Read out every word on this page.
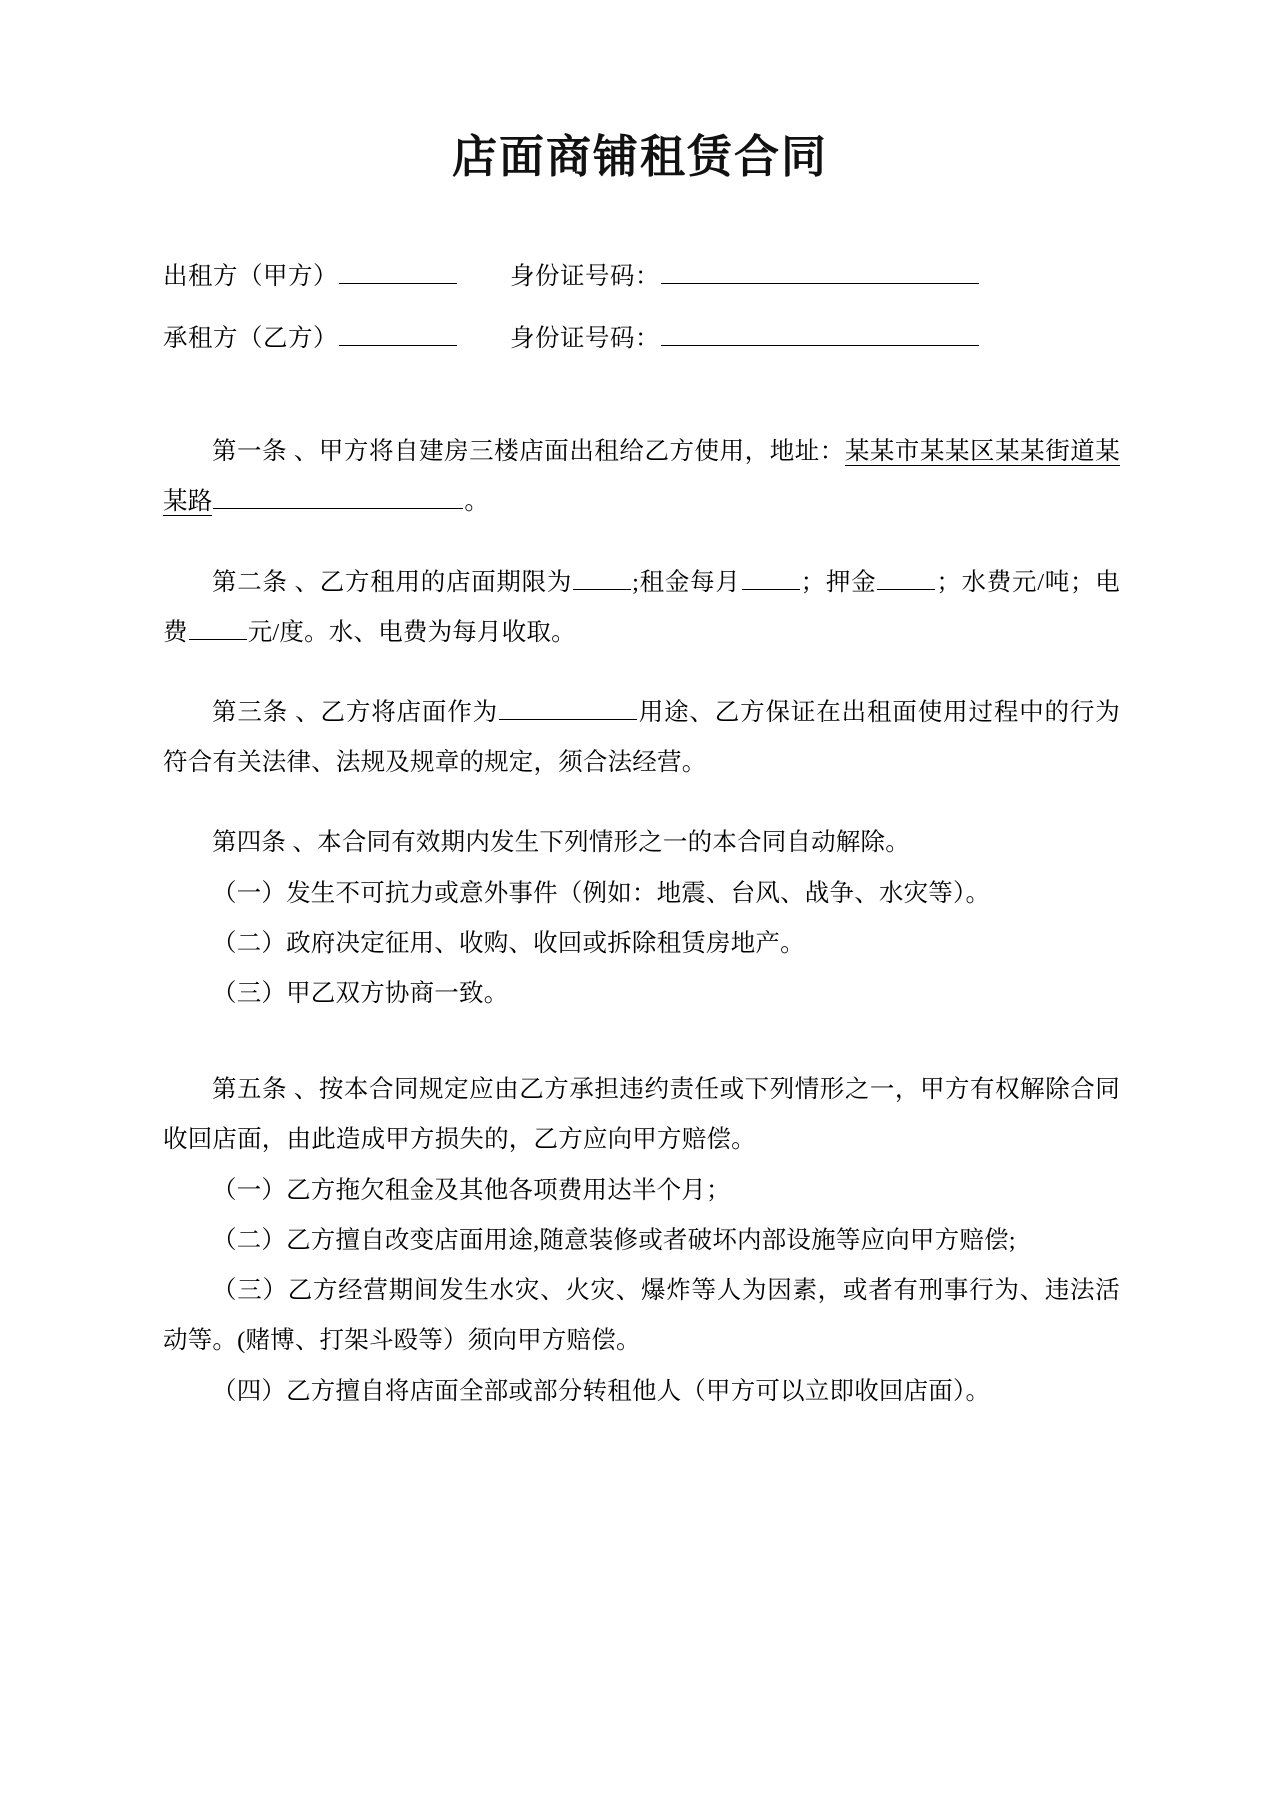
店面商铺租赁合同
出租方（甲方）	身份证号码：
承租方（乙方）	身份证号码：

第一条 、甲方将自建房三楼店面出租给乙方使用，地址：某某市某某区某某街道某某路	。

第二条 、乙方租用的店面期限为 ;租金每月 ；押金 ；水费元/吨；电费 元/度。水、电费为每月收取。

第三条 、乙方将店面作为	用途、乙方保证在出租面使用过程中的行为符合有关法律、法规及规章的规定，须合法经营。

第四条 、本合同有效期内发生下列情形之一的本合同自动解除。

（一）发生不可抗力或意外事件（例如：地震、台风、战争、水灾等）。

（二）政府决定征用、收购、收回或拆除租赁房地产。

（三）甲乙双方协商一致。

第五条 、按本合同规定应由乙方承担违约责任或下列情形之一，甲方有权解除合同收回店面，由此造成甲方损失的，乙方应向甲方赔偿。

（一）乙方拖欠租金及其他各项费用达半个月；

（二）乙方擅自改变店面用途,随意装修或者破坏内部设施等应向甲方赔偿;

（三）乙方经营期间发生水灾、火灾、爆炸等人为因素，或者有刑事行为、违法活动等。(赌博、打架斗殴等）须向甲方赔偿。

（四）乙方擅自将店面全部或部分转租他人（甲方可以立即收回店面）。
